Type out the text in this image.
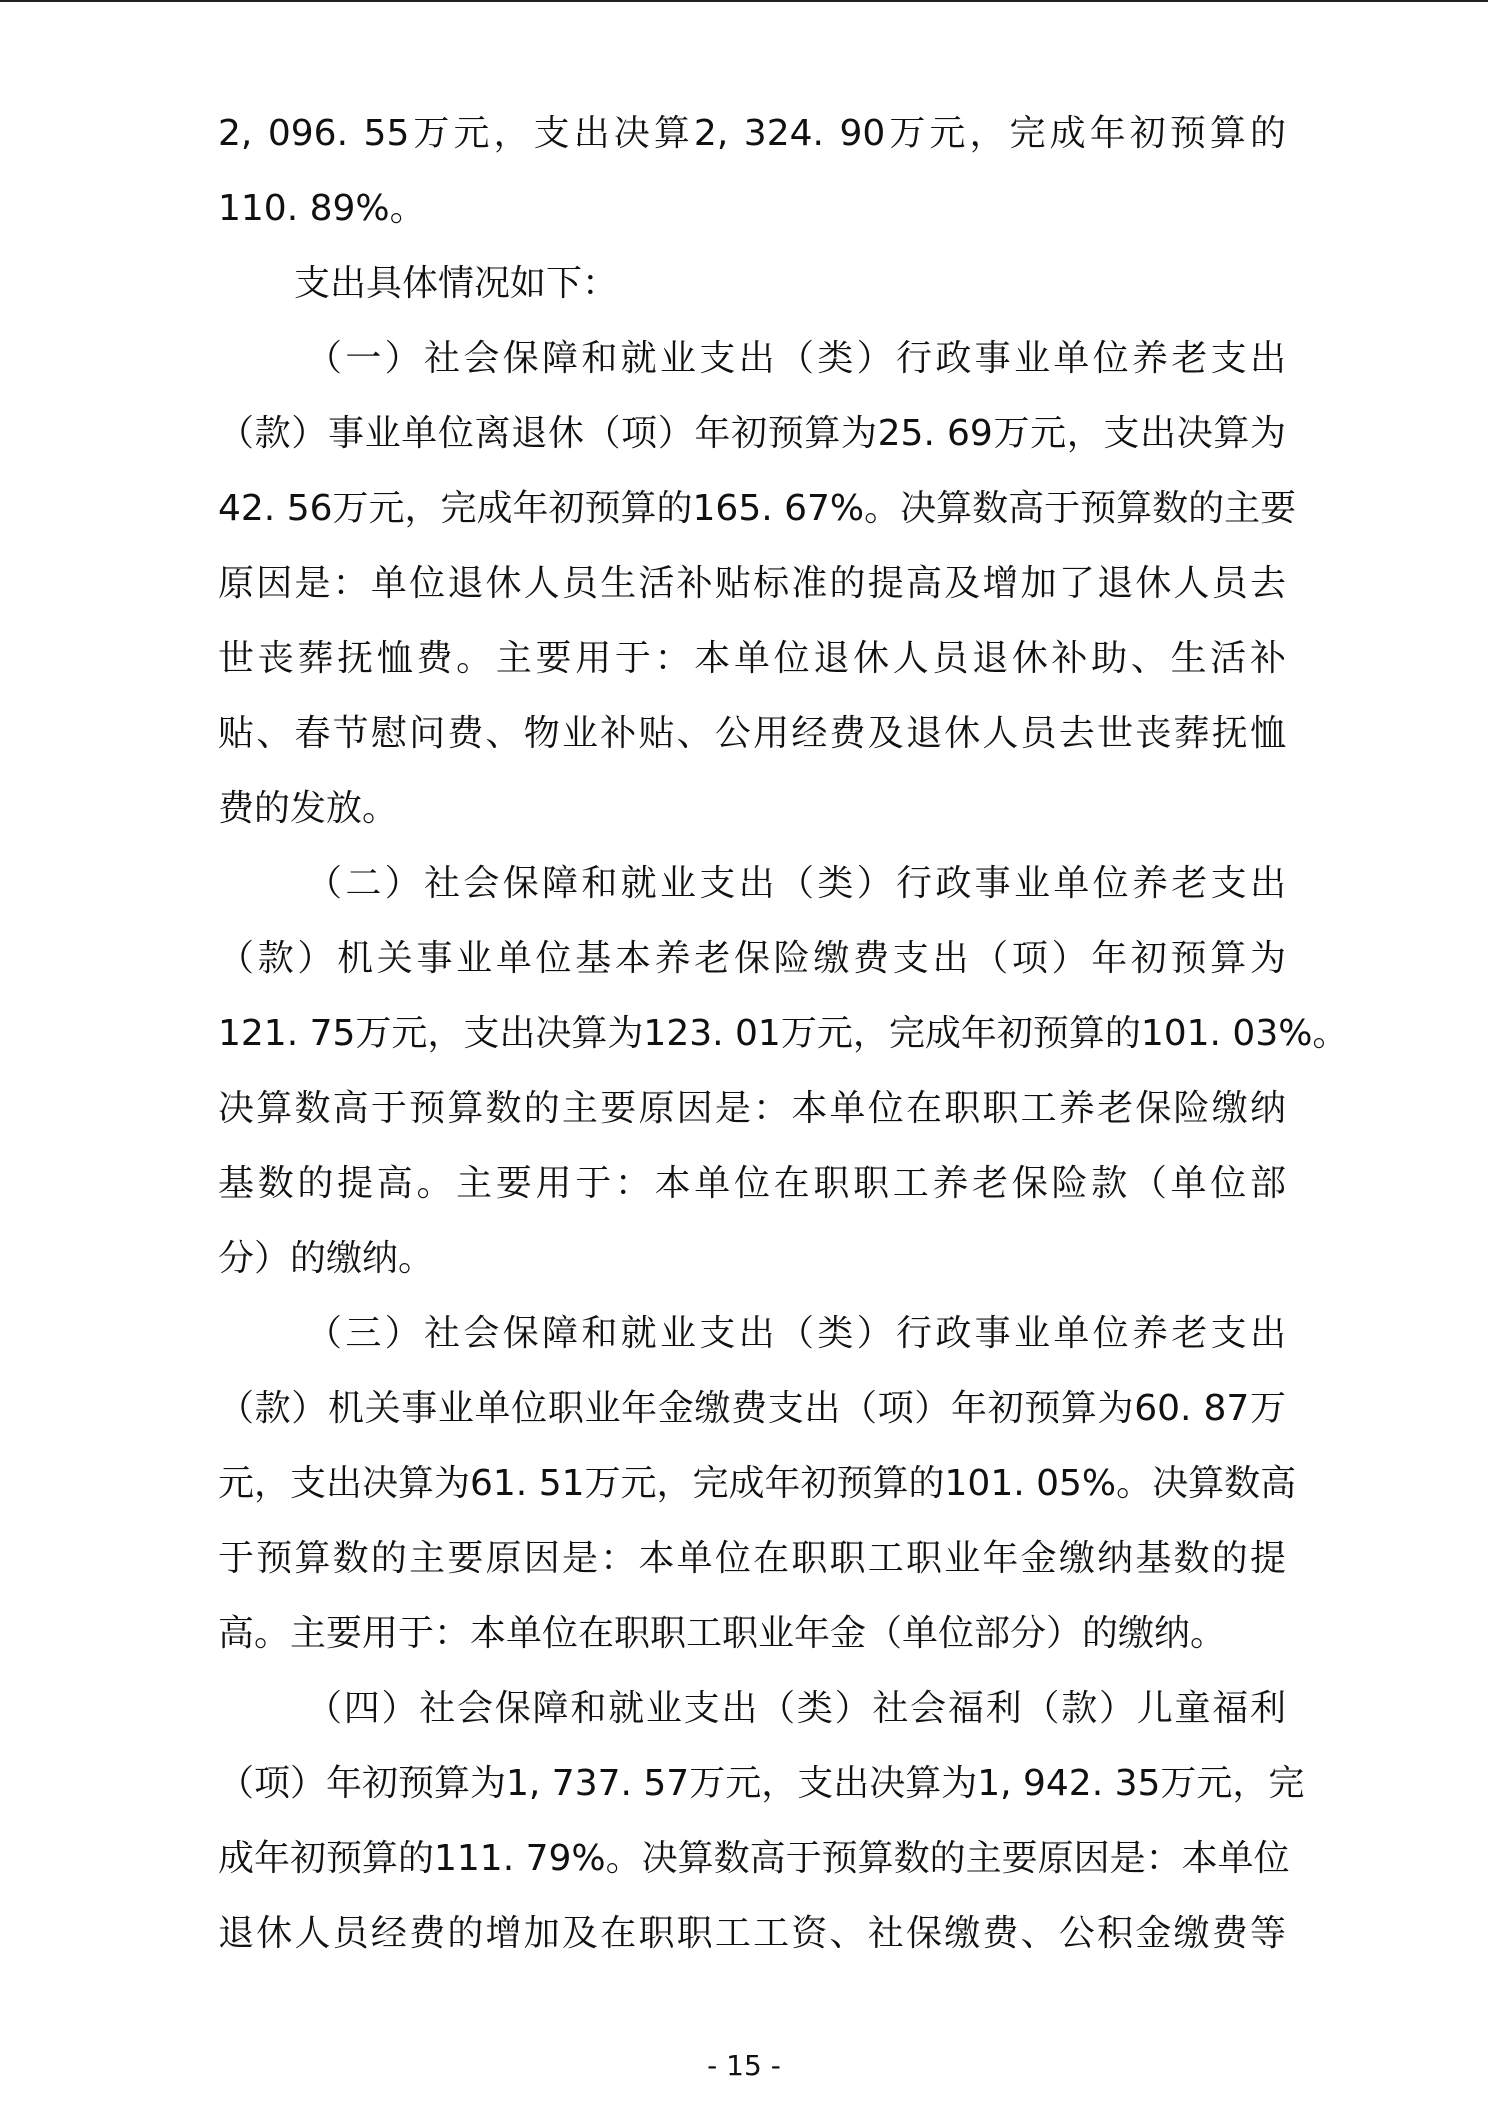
2, 096. 55万元，支出决算2, 324. 90万元，完成年初预算的
110. 89%。
支出具体情况如下：
（一）社会保障和就业支出（类）行政事业单位养老支出
（款）事业单位离退休（项）年初预算为25. 69万元，支出决算为
42. 56万元，完成年初预算的165. 67%。决算数高于预算数的主要
原因是：单位退休人员生活补贴标准的提高及增加了退休人员去
世丧葬抚恤费。主要用于：本单位退休人员退休补助、生活补
贴、春节慰问费、物业补贴、公用经费及退休人员去世丧葬抚恤
费的发放。
（二）社会保障和就业支出（类）行政事业单位养老支出
（款）机关事业单位基本养老保险缴费支出（项）年初预算为
121. 75万元，支出决算为123. 01万元，完成年初预算的101. 03%。
决算数高于预算数的主要原因是：本单位在职职工养老保险缴纳
基数的提高。主要用于：本单位在职职工养老保险款（单位部
分）的缴纳。
（三）社会保障和就业支出（类）行政事业单位养老支出
（款）机关事业单位职业年金缴费支出（项）年初预算为60. 87万
元，支出决算为61. 51万元，完成年初预算的101. 05%。决算数高
于预算数的主要原因是：本单位在职职工职业年金缴纳基数的提
高。主要用于：本单位在职职工职业年金（单位部分）的缴纳。
（四）社会保障和就业支出（类）社会福利（款）儿童福利
（项）年初预算为1, 737. 57万元，支出决算为1, 942. 35万元，完
成年初预算的111. 79%。决算数高于预算数的主要原因是：本单位
退休人员经费的增加及在职职工工资、社保缴费、公积金缴费等
- 15 -
